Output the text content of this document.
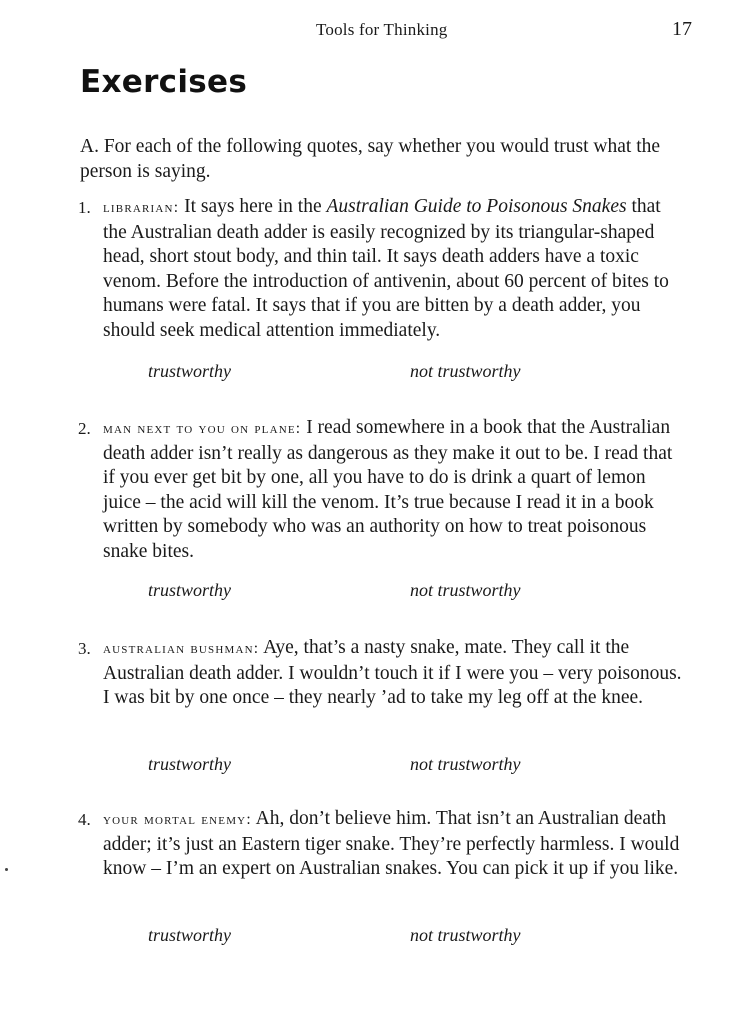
Tools for Thinking	17
Exercises

A. For each of the following quotes, say whether you would trust what the person is saying.

1. librarian: It says here in the Australian Guide to Poisonous Snakes that the Australian death adder is easily recognized by its triangular-shaped head, short stout body, and thin tail. It says death adders have a toxic venom. Before the introduction of antivenin, about 60 percent of bites to humans were fatal. It says that if you are bitten by a death adder, you should seek medical attention immediately.

trustworthy	not trustworthy
2. man next to you on plane: I read somewhere in a book that the Australian death adder isn’t really as dangerous as they make it out to be. I read that if you ever get bit by one, all you have to do is drink a quart of lemon juice – the acid will kill the venom. It’s true because I read it in a book written by somebody who was an authority on how to treat poisonous snake bites.

trustworthy	not trustworthy
3. australian bushman: Aye, that’s a nasty snake, mate. They call it the Australian death adder. I wouldn’t touch it if I were you – very poisonous. I was bit by one once – they nearly ’ad to take my leg off at the knee.

trustworthy	not trustworthy
4. your mortal enemy: Ah, don’t believe him. That isn’t an Australian death adder; it’s just an Eastern tiger snake. They’re perfectly harmless. I would know – I’m an expert on Australian snakes. You can pick it up if you like.

trustworthy	not trustworthy
